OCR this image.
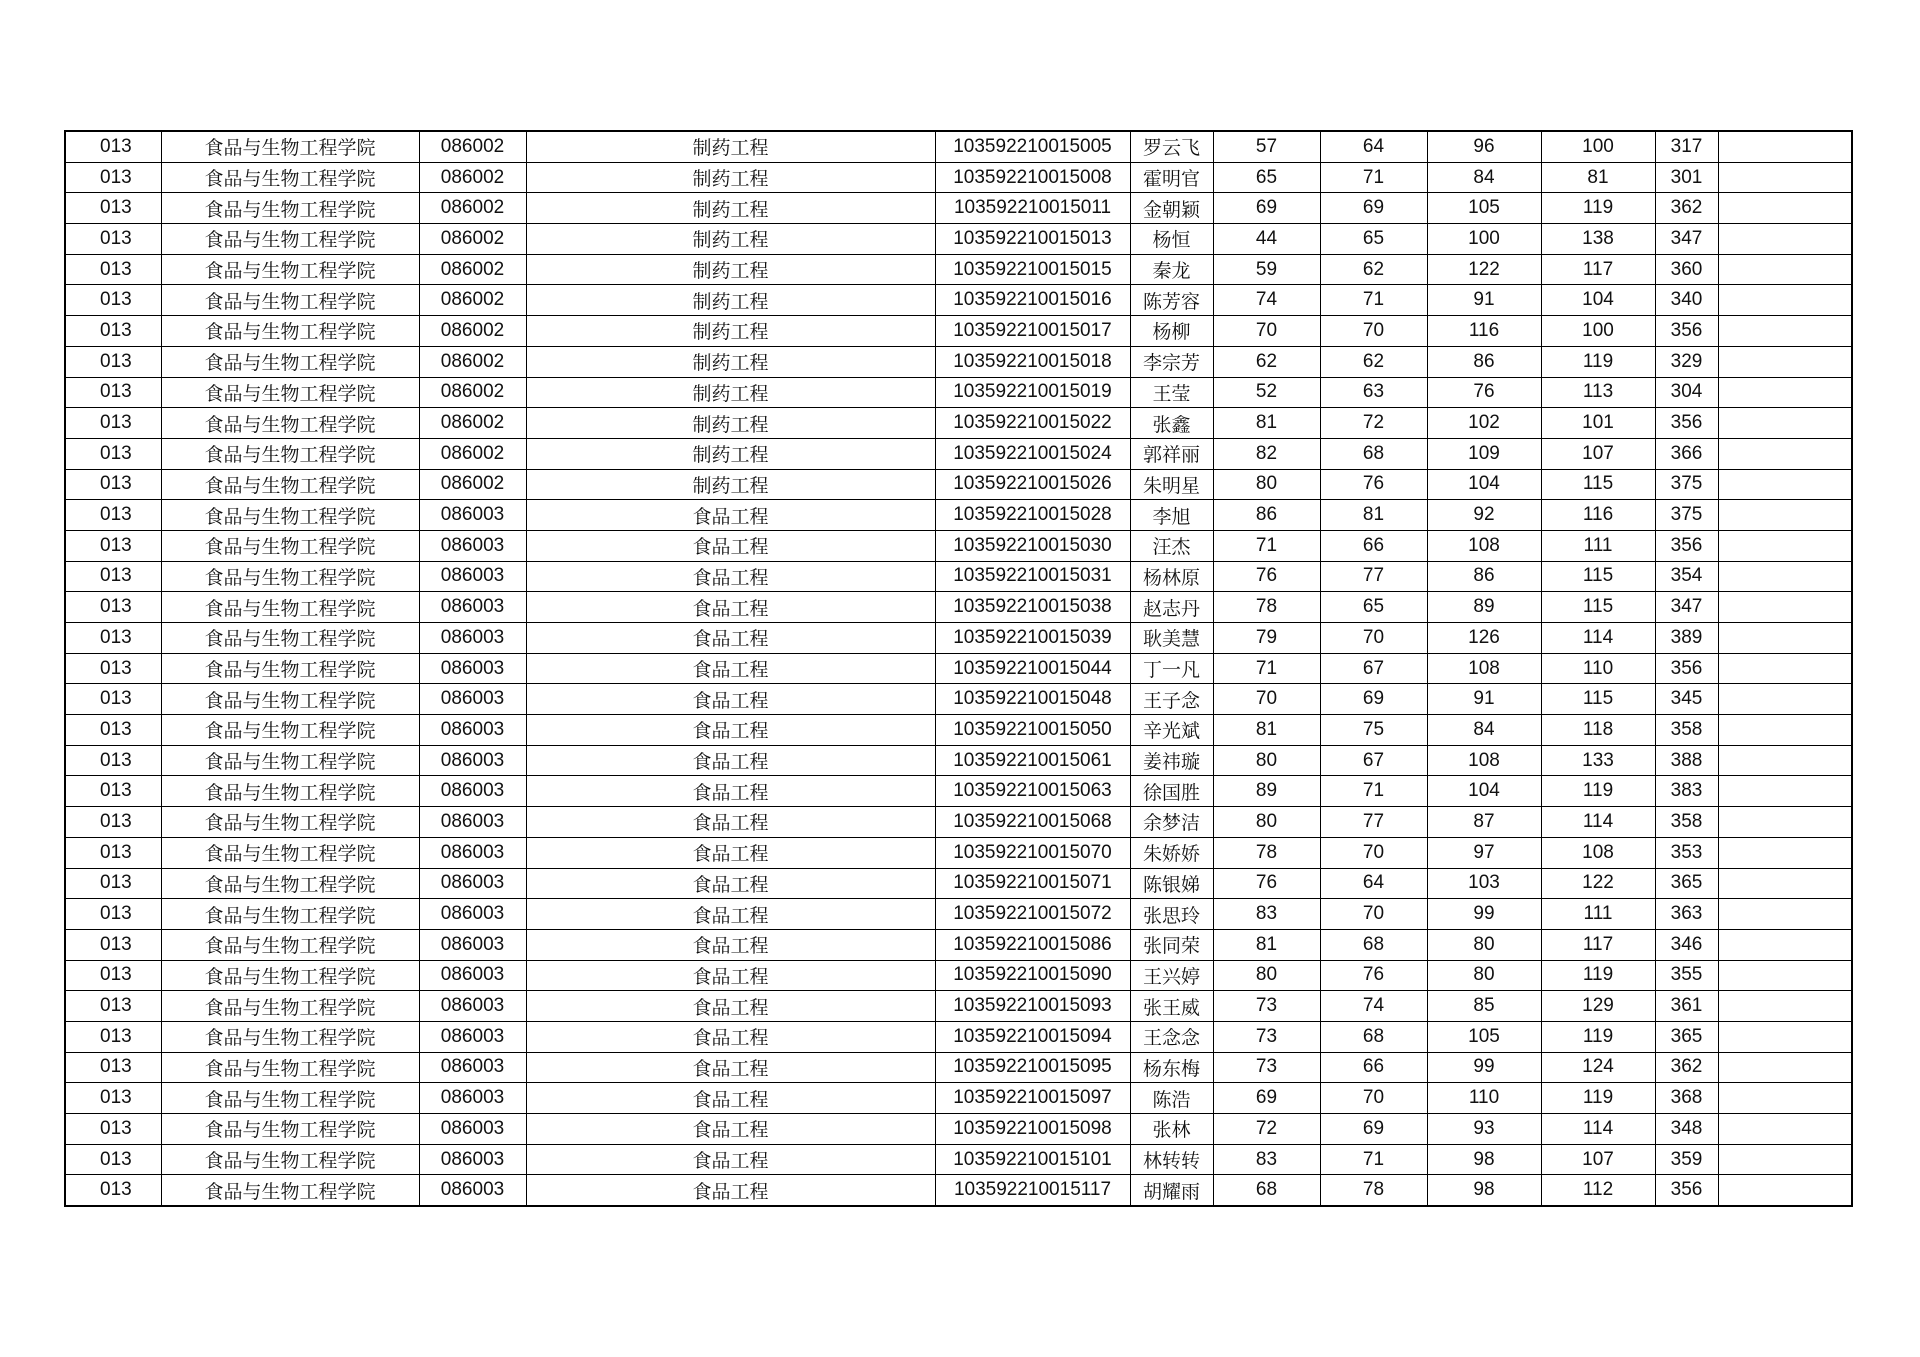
013	食品与生物工程学院	086002	制药工程	103592210015005	罗云飞	57	64	96	100	317	
013	食品与生物工程学院	086002	制药工程	103592210015008	霍明官	65	71	84	81	301	
013	食品与生物工程学院	086002	制药工程	103592210015011	金朝颖	69	69	105	119	362	
013	食品与生物工程学院	086002	制药工程	103592210015013	杨恒	44	65	100	138	347	
013	食品与生物工程学院	086002	制药工程	103592210015015	秦龙	59	62	122	117	360	
013	食品与生物工程学院	086002	制药工程	103592210015016	陈芳容	74	71	91	104	340	
013	食品与生物工程学院	086002	制药工程	103592210015017	杨柳	70	70	116	100	356	
013	食品与生物工程学院	086002	制药工程	103592210015018	李宗芳	62	62	86	119	329	
013	食品与生物工程学院	086002	制药工程	103592210015019	王莹	52	63	76	113	304	
013	食品与生物工程学院	086002	制药工程	103592210015022	张鑫	81	72	102	101	356	
013	食品与生物工程学院	086002	制药工程	103592210015024	郭祥丽	82	68	109	107	366	
013	食品与生物工程学院	086002	制药工程	103592210015026	朱明星	80	76	104	115	375	
013	食品与生物工程学院	086003	食品工程	103592210015028	李旭	86	81	92	116	375	
013	食品与生物工程学院	086003	食品工程	103592210015030	汪杰	71	66	108	111	356	
013	食品与生物工程学院	086003	食品工程	103592210015031	杨林原	76	77	86	115	354	
013	食品与生物工程学院	086003	食品工程	103592210015038	赵志丹	78	65	89	115	347	
013	食品与生物工程学院	086003	食品工程	103592210015039	耿美慧	79	70	126	114	389	
013	食品与生物工程学院	086003	食品工程	103592210015044	丁一凡	71	67	108	110	356	
013	食品与生物工程学院	086003	食品工程	103592210015048	王子念	70	69	91	115	345	
013	食品与生物工程学院	086003	食品工程	103592210015050	辛光斌	81	75	84	118	358	
013	食品与生物工程学院	086003	食品工程	103592210015061	姜祎璇	80	67	108	133	388	
013	食品与生物工程学院	086003	食品工程	103592210015063	徐国胜	89	71	104	119	383	
013	食品与生物工程学院	086003	食品工程	103592210015068	余梦洁	80	77	87	114	358	
013	食品与生物工程学院	086003	食品工程	103592210015070	朱娇娇	78	70	97	108	353	
013	食品与生物工程学院	086003	食品工程	103592210015071	陈银娣	76	64	103	122	365	
013	食品与生物工程学院	086003	食品工程	103592210015072	张思玲	83	70	99	111	363	
013	食品与生物工程学院	086003	食品工程	103592210015086	张同荣	81	68	80	117	346	
013	食品与生物工程学院	086003	食品工程	103592210015090	王兴婷	80	76	80	119	355	
013	食品与生物工程学院	086003	食品工程	103592210015093	张王威	73	74	85	129	361	
013	食品与生物工程学院	086003	食品工程	103592210015094	王念念	73	68	105	119	365	
013	食品与生物工程学院	086003	食品工程	103592210015095	杨东梅	73	66	99	124	362	
013	食品与生物工程学院	086003	食品工程	103592210015097	陈浩	69	70	110	119	368	
013	食品与生物工程学院	086003	食品工程	103592210015098	张林	72	69	93	114	348	
013	食品与生物工程学院	086003	食品工程	103592210015101	林转转	83	71	98	107	359	
013	食品与生物工程学院	086003	食品工程	103592210015117	胡耀雨	68	78	98	112	356	
